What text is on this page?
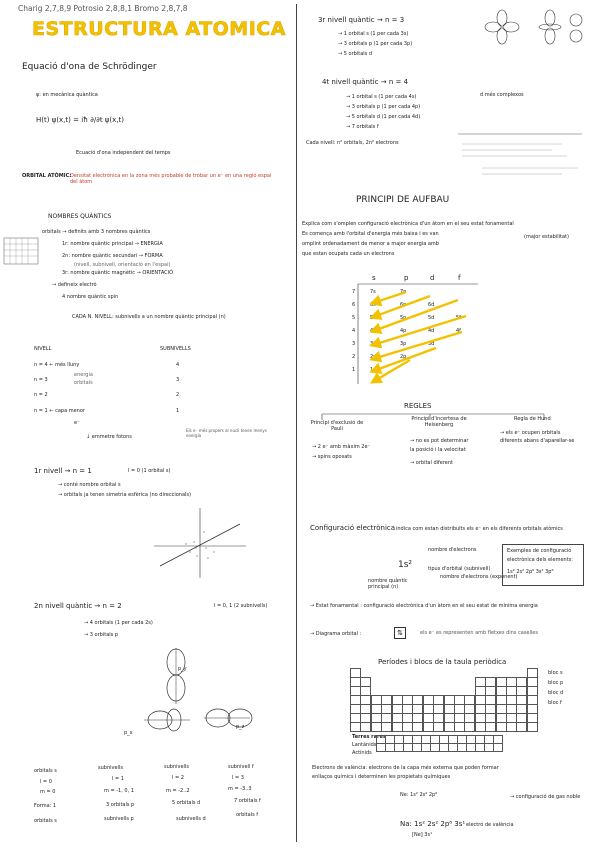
Charig 2,7,8,9 Potrosio 2,8,8,1 Bromo 2,8,7,8
ESTRUCTURA ATOMICA
Equació d'ona de Schrödinger
ψ: en mecànica quàntica
H(t) ψ(x,t) = iħ ∂/∂t ψ(x,t)
Ecuació d'ona independent del temps
ORBITAL ATÒMIC:
Densitat electrònica en la zona més probable de trobar un e⁻ en una regió espai del àtom
NOMBRES QUÀNTICS
orbitals → definits amb 3 nombres quàntics
1r: nombre quàntic principal → ENERGIA
2n: nombre quàntic secundari → FORMA
(nivell, subnivell, orientació en l'espai)
3r: nombre quàntic magnètic → ORIENTACIÓ
→ defineix electró
4 nombre quàntic spin
CADA N. NIVELL: subnivells a un nombre quàntic principal (n)
NIVELL	SUBNIVELLS
n = 4 ← més lluny	4
n = 3	3
n = 2	2
n = 1 ← capa menor	1
energia
orbitals
e⁻
↓ emmetre fotons
Els e⁻ més propers al nucli tenen menys energia
1r nivell → n = 1	l = 0 (1 orbital s)
→ conté nombre orbital s
→ orbitals ja tenen simetria esfèrica (no direccionals)
2n nivell quàntic → n = 2	l = 0, 1 (2 subnivells)
→ 4 orbitals (1 per cada 2s)
→ 3 orbitals p
p_x
p_y
p_z
orbitals s
l = 0
m = 0
Forma: 1
subnivells
l = 1
m = -1, 0, 1
3 orbitals p
subnivells
l = 2
m = -2..2
5 orbitals d
subnivell f
l = 3
m = -3..3
7 orbitals f
orbitals s	subnivells p	subnivells d
orbitals f
3r nivell quàntic → n = 3
→ 1 orbital s (1 per cada 3s)
→ 3 orbitals p (1 per cada 3p)
→ 5 orbitals d
4t nivell quàntic → n = 4
→ 1 orbital s (1 per cada 4s)
→ 3 orbitals p (1 per cada 4p)
→ 5 orbitals d (1 per cada 4d)
→ 7 orbitals f
d més complexos
Cada nivell: n² orbitals, 2n² electrons
PRINCIPI DE AUFBAU
Explica com s'omplen configuració electrònica d'un àtom en el seu estat fonamental
Es comença amb l'orbital d'energia més baixa i es van
omplint ordenadament de menor a major energia amb
que estan ocupats cada un electrons
(major estabilitat)
s	p	d	f
7	7s	7p
6	6s	6p	6d
5	5s	5p	5d	5f
4	4s	4p	4d	4f
3	3s	3p	3d
2	2s	2p
1	1s
REGLES
Principi d'exclusió de Pauli
→ 2 e⁻ amb màxim 2e⁻
→ spins oposats
Principi d'incertesa de Heisenberg
→ no es pot determinar
la posició i la velocitat
→ orbital diferent
Regla de Hund
→ els e⁻ ocupen orbitals
diferents abans d'aparellar-se
Configuració electrònica indica com estan distribuïts els e⁻ en els diferents orbitals atòmics
1s²
nombre d'electrons
tipus d'orbital (subnivell)
nombre quàntic principal (n)
nombre d'electrons (exponent)
Exemples de configuració
electrònica dels elements:
1s² 2s² 2p⁶ 3s² 3p⁶
→ Estat fonamental : configuració electrònica d'un àtom en el seu estat de mínima energia
→ Diagrama orbital :	⇅	els e⁻ es representen amb fletxes dins caselles
Períodes i blocs de la taula periòdica
bloc s
bloc p
bloc d
bloc f
Terres rares
Lantànids
Actínids
Electrons de valència: electrons de la capa més externa que poden formar
enllaços químics i determinen les propietats químiques
Ne: 1s² 2s² 2p⁶	→ configuració de gas noble
Na: 1s² 2s² 2p⁶ 3s¹ electró de valència
[Ne] 3s¹
